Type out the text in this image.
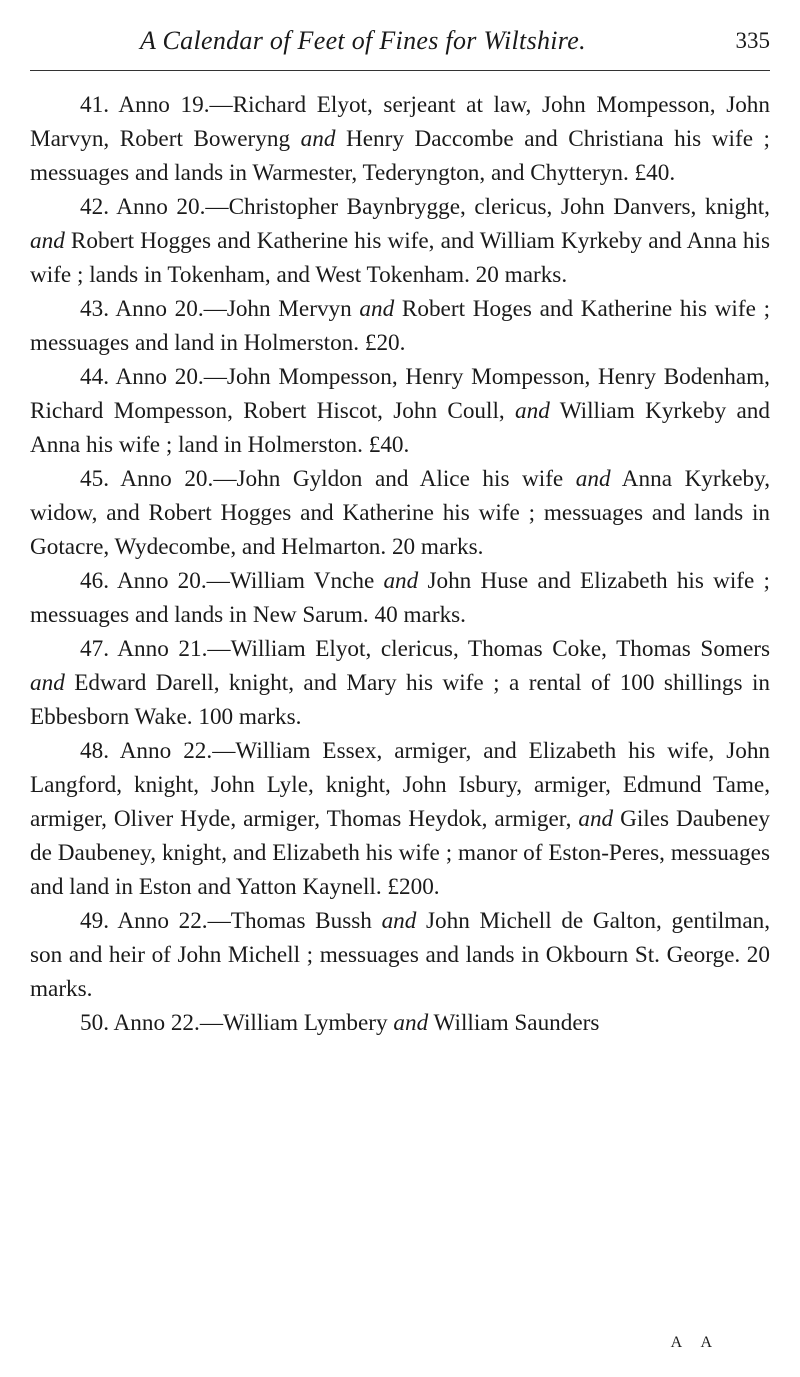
A Calendar of Feet of Fines for Wiltshire.	335

41. Anno 19.—Richard Elyot, serjeant at law, John Mompesson, John Marvyn, Robert Boweryng and Henry Daccombe and Christiana his wife ; messuages and lands in Warmester, Tederyngton, and Chytteryn. £40.

42. Anno 20.—Christopher Baynbrygge, clericus, John Danvers, knight, and Robert Hogges and Katherine his wife, and William Kyrkeby and Anna his wife ; lands in Tokenham, and West Tokenham. 20 marks.

43. Anno 20.—John Mervyn and Robert Hoges and Katherine his wife ; messuages and land in Holmerston. £20.

44. Anno 20.—John Mompesson, Henry Mompesson, Henry Bodenham, Richard Mompesson, Robert Hiscot, John Coull, and William Kyrkeby and Anna his wife ; land in Holmerston. £40.

45. Anno 20.—John Gyldon and Alice his wife and Anna Kyrkeby, widow, and Robert Hogges and Katherine his wife ; messuages and lands in Gotacre, Wydecombe, and Helmarton. 20 marks.

46. Anno 20.—William Vnche and John Huse and Elizabeth his wife ; messuages and lands in New Sarum. 40 marks.

47. Anno 21.—William Elyot, clericus, Thomas Coke, Thomas Somers and Edward Darell, knight, and Mary his wife ; a rental of 100 shillings in Ebbesborn Wake. 100 marks.

48. Anno 22.—William Essex, armiger, and Elizabeth his wife, John Langford, knight, John Lyle, knight, John Isbury, armiger, Edmund Tame, armiger, Oliver Hyde, armiger, Thomas Heydok, armiger, and Giles Daubeney de Daubeney, knight, and Elizabeth his wife ; manor of Eston-Peres, messuages and land in Eston and Yatton Kaynell. £200.

49. Anno 22.—Thomas Bussh and John Michell de Galton, gentilman, son and heir of John Michell ; messuages and lands in Okbourn St. George. 20 marks.

50. Anno 22.—William Lymbery and William Saunders

A A
